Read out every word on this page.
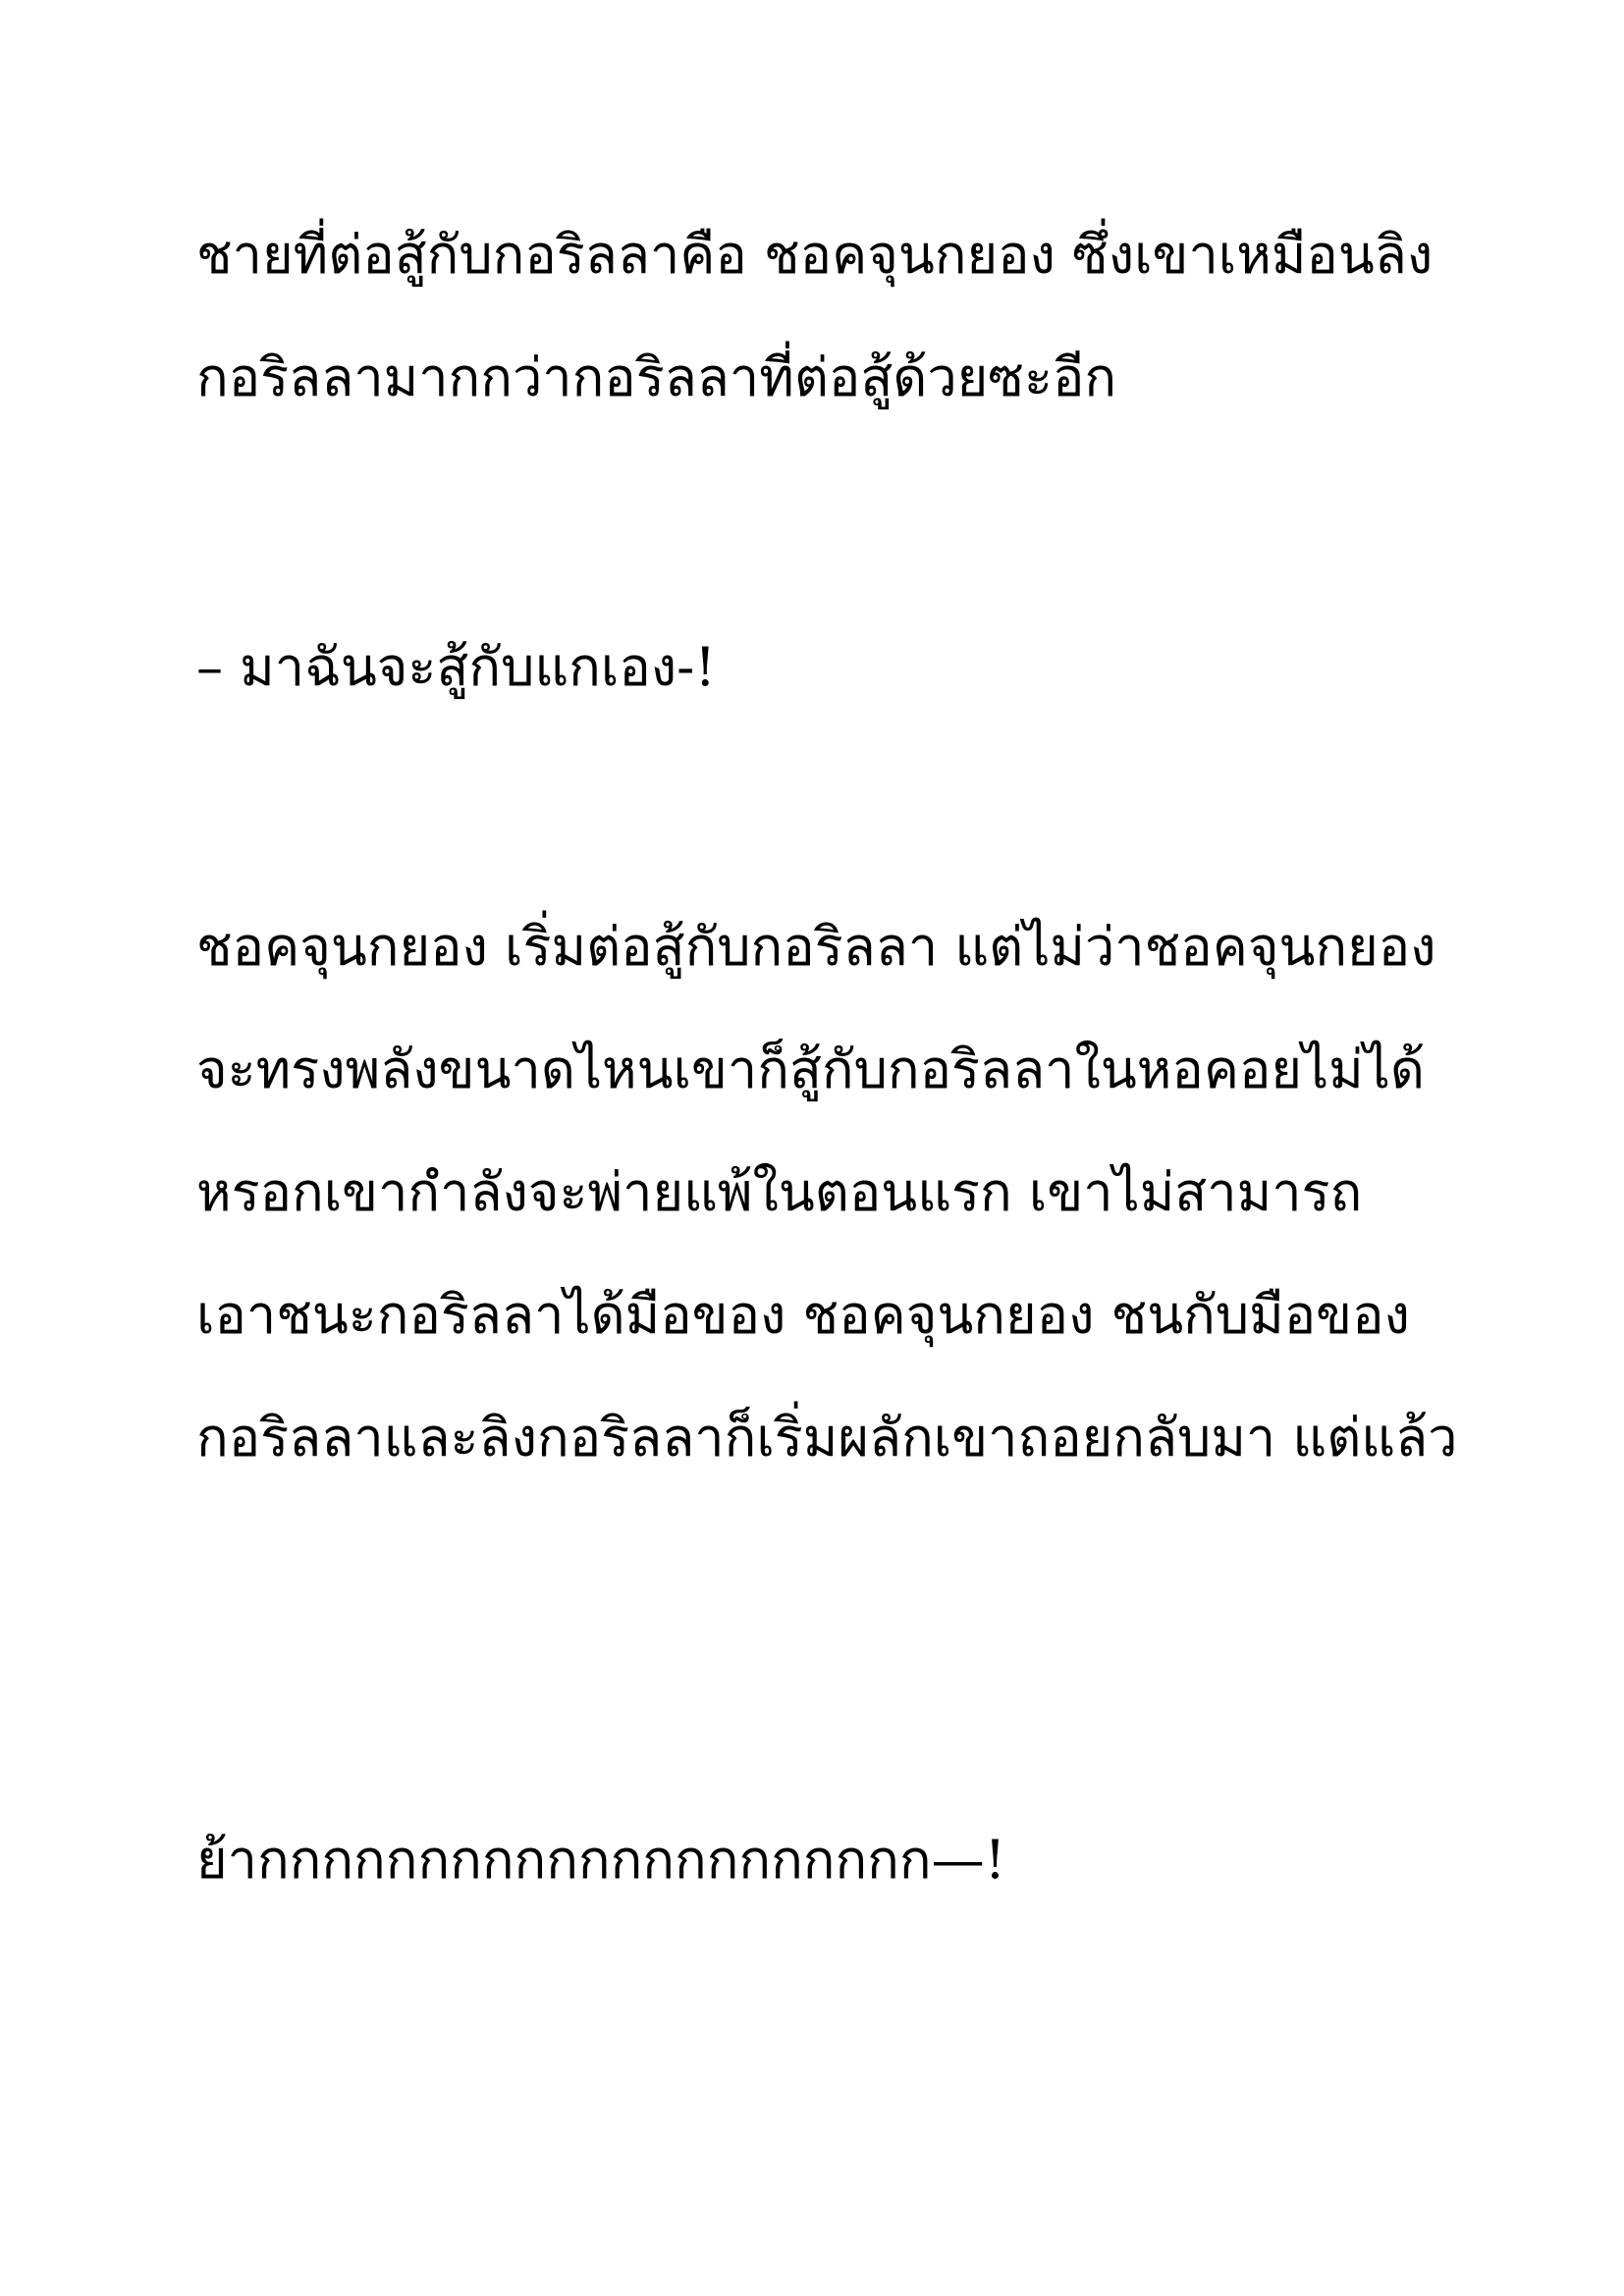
ชายที่ต่อสู้กับกอริลลาคือ ชอคจุนกยอง ซึ่งเขาเหมือนลิง

กอริลลามากกว่ากอริลลาที่ต่อสู้ด้วยซะอีก

– มาฉันจะสู้กับแกเอง-!

ชอคจุนกยอง เริ่มต่อสู้กับกอริลลา แต่ไม่ว่าชอคจุนกยอง

จะทรงพลังขนาดไหนเขาก็สู้กับกอริลลาในหอคอยไม่ได้

หรอกเขากำลังจะพ่ายแพ้ในตอนแรก เขาไม่สามารถ

เอาชนะกอริลลาได้มือของ ชอคจุนกยอง ชนกับมือของ

กอริลลาและลิงกอริลลาก็เริ่มผลักเขาถอยกลับมา แต่แล้ว

ย้ากกกกกกกกกกกกกกกกกกกกก—!
